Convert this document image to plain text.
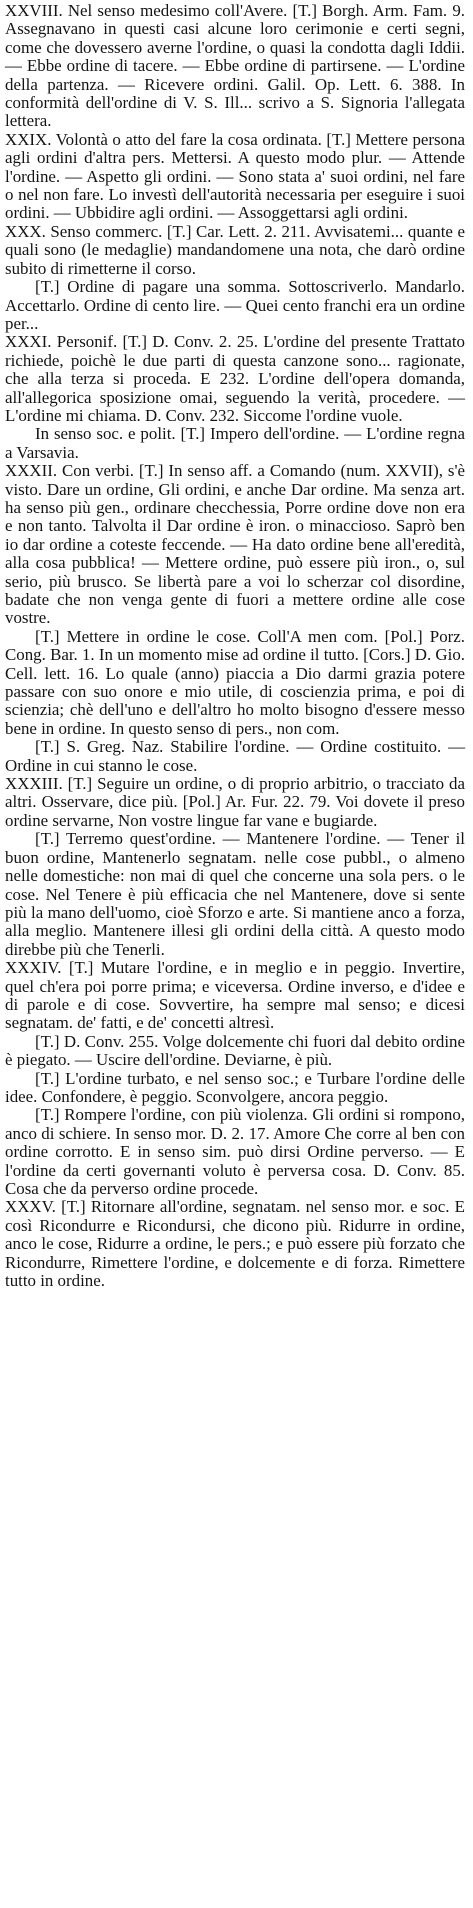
XXVIII. Nel senso medesimo coll'Avere. [T.] Borgh. Arm. Fam. 9. Assegnavano in questi casi alcune loro cerimonie e certi segni, come che dovessero averne l'ordine, o quasi la condotta dagli Iddii. — Ebbe ordine di tacere. — Ebbe ordine di partirsene. — L'ordine della partenza. — Ricevere ordini. Galil. Op. Lett. 6. 388. In conformità dell'ordine di V. S. Ill... scrivo a S. Signoria l'allegata lettera.

XXIX. Volontà o atto del fare la cosa ordinata. [T.] Mettere persona agli ordini d'altra pers. Mettersi. A questo modo plur. — Attende l'ordine. — Aspetto gli ordini. — Sono stata a' suoi ordini, nel fare o nel non fare. Lo investì dell'autorità necessaria per eseguire i suoi ordini. — Ubbidire agli ordini. — Assoggettarsi agli ordini.

XXX. Senso commerc. [T.] Car. Lett. 2. 211. Avvisatemi... quante e quali sono (le medaglie) mandandomene una nota, che darò ordine subito di rimetterne il corso.

[T.] Ordine di pagare una somma. Sottoscriverlo. Mandarlo. Accettarlo. Ordine di cento lire. — Quei cento franchi era un ordine per...

XXXI. Personif. [T.] D. Conv. 2. 25. L'ordine del presente Trattato richiede, poichè le due parti di questa canzone sono... ragionate, che alla terza si proceda. E 232. L'ordine dell'opera domanda, all'allegorica sposizione omai, seguendo la verità, procedere. — L'ordine mi chiama. D. Conv. 232. Siccome l'ordine vuole.

In senso soc. e polit. [T.] Impero dell'ordine. — L'ordine regna a Varsavia.

XXXII. Con verbi. [T.] In senso aff. a Comando (num. XXVII), s'è visto. Dare un ordine, Gli ordini, e anche Dar ordine. Ma senza art. ha senso più gen., ordinare checchessia, Porre ordine dove non era e non tanto. Talvolta il Dar ordine è iron. o minaccioso. Saprò ben io dar ordine a coteste feccende. — Ha dato ordine bene all'eredità, alla cosa pubblica! — Mettere ordine, può essere più iron., o, sul serio, più brusco. Se libertà pare a voi lo scherzar col disordine, badate che non venga gente di fuori a mettere ordine alle cose vostre.

[T.] Mettere in ordine le cose. Coll'A men com. [Pol.] Porz. Cong. Bar. 1. In un momento mise ad ordine il tutto. [Cors.] D. Gio. Cell. lett. 16. Lo quale (anno) piaccia a Dio darmi grazia potere passare con suo onore e mio utile, di coscienzia prima, e poi di scienzia; chè dell'uno e dell'altro ho molto bisogno d'essere messo bene in ordine. In questo senso di pers., non com.

[T.] S. Greg. Naz. Stabilire l'ordine. — Ordine costituito. — Ordine in cui stanno le cose.

XXXIII. [T.] Seguire un ordine, o di proprio arbitrio, o tracciato da altri. Osservare, dice più. [Pol.] Ar. Fur. 22. 79. Voi dovete il preso ordine servarne, Non vostre lingue far vane e bugiarde.

[T.] Terremo quest'ordine. — Mantenere l'ordine. — Tener il buon ordine, Mantenerlo segnatam. nelle cose pubbl., o almeno nelle domestiche: non mai di quel che concerne una sola pers. o le cose. Nel Tenere è più efficacia che nel Mantenere, dove si sente più la mano dell'uomo, cioè Sforzo e arte. Si mantiene anco a forza, alla meglio. Mantenere illesi gli ordini della città. A questo modo direbbe più che Tenerli.

XXXIV. [T.] Mutare l'ordine, e in meglio e in peggio. Invertire, quel ch'era poi porre prima; e viceversa. Ordine inverso, e d'idee e di parole e di cose. Sovvertire, ha sempre mal senso; e dicesi segnatam. de' fatti, e de' concetti altresì.

[T.] D. Conv. 255. Volge dolcemente chi fuori dal debito ordine è piegato. — Uscire dell'ordine. Deviarne, è più.

[T.] L'ordine turbato, e nel senso soc.; e Turbare l'ordine delle idee. Confondere, è peggio. Sconvolgere, ancora peggio.

[T.] Rompere l'ordine, con più violenza. Gli ordini si rompono, anco di schiere. In senso mor. D. 2. 17. Amore Che corre al ben con ordine corrotto. E in senso sim. può dirsi Ordine perverso. — E l'ordine da certi governanti voluto è perversa cosa. D. Conv. 85. Cosa che da perverso ordine procede.

XXXV. [T.] Ritornare all'ordine, segnatam. nel senso mor. e soc. E così Ricondurre e Ricondursi, che dicono più. Ridurre in ordine, anco le cose, Ridurre a ordine, le pers.; e può essere più forzato che Ricondurre, Rimettere l'ordine, e dolcemente e di forza. Rimettere tutto in ordine.
